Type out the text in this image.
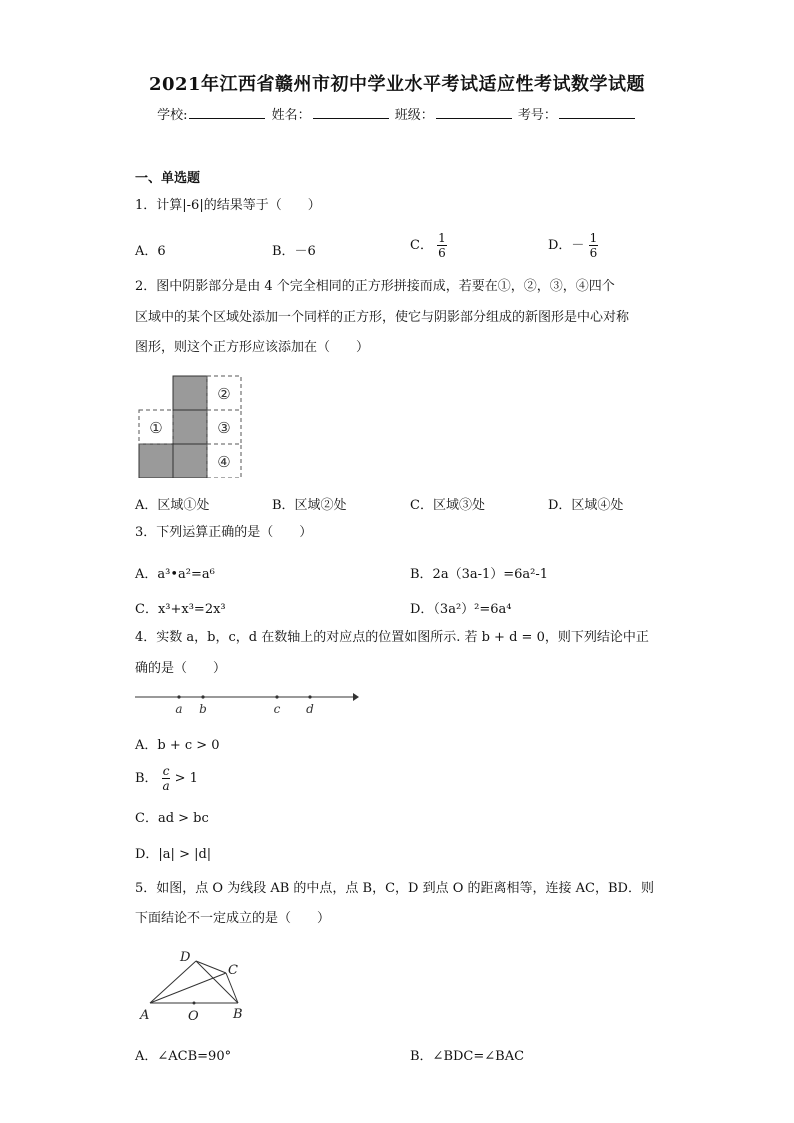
2021年江西省赣州市初中学业水平考试适应性考试数学试题
学校:	姓名：	班级：	考号：
一、单选题
1．计算|-6|的结果等于（　　）
A．6	B．－6	C． $\frac{1}{6}$	D．－ $\frac{1}{6}$
2．图中阴影部分是由 4 个完全相同的正方形拼接而成，若要在①，②，③，④四个
区域中的某个区域处添加一个同样的正方形，使它与阴影部分组成的新图形是中心对称
图形，则这个正方形应该添加在（　　）
①
②
③
④
A．区域①处	B．区域②处	C．区域③处	D．区域④处
3．下列运算正确的是（　　）
A．a³•a²=a⁶	B．2a（3a-1）=6a²-1
C．x³+x³=2x³	D．（3a²）²=6a⁴
4．实数 a，b，c，d 在数轴上的对应点的位置如图所示. 若 b + d = 0，则下列结论中正
确的是（　　）
a b	c d
A．b + c > 0
B． $\frac{c}{a} > 1$
C．ad > bc
D．|a| > |d|
5．如图，点 O 为线段 AB 的中点，点 B，C，D 到点 O 的距离相等，连接 AC，BD．则
下面结论不一定成立的是（　　）
A	O	B
C
D
A．∠ACB=90°	B．∠BDC=∠BAC
